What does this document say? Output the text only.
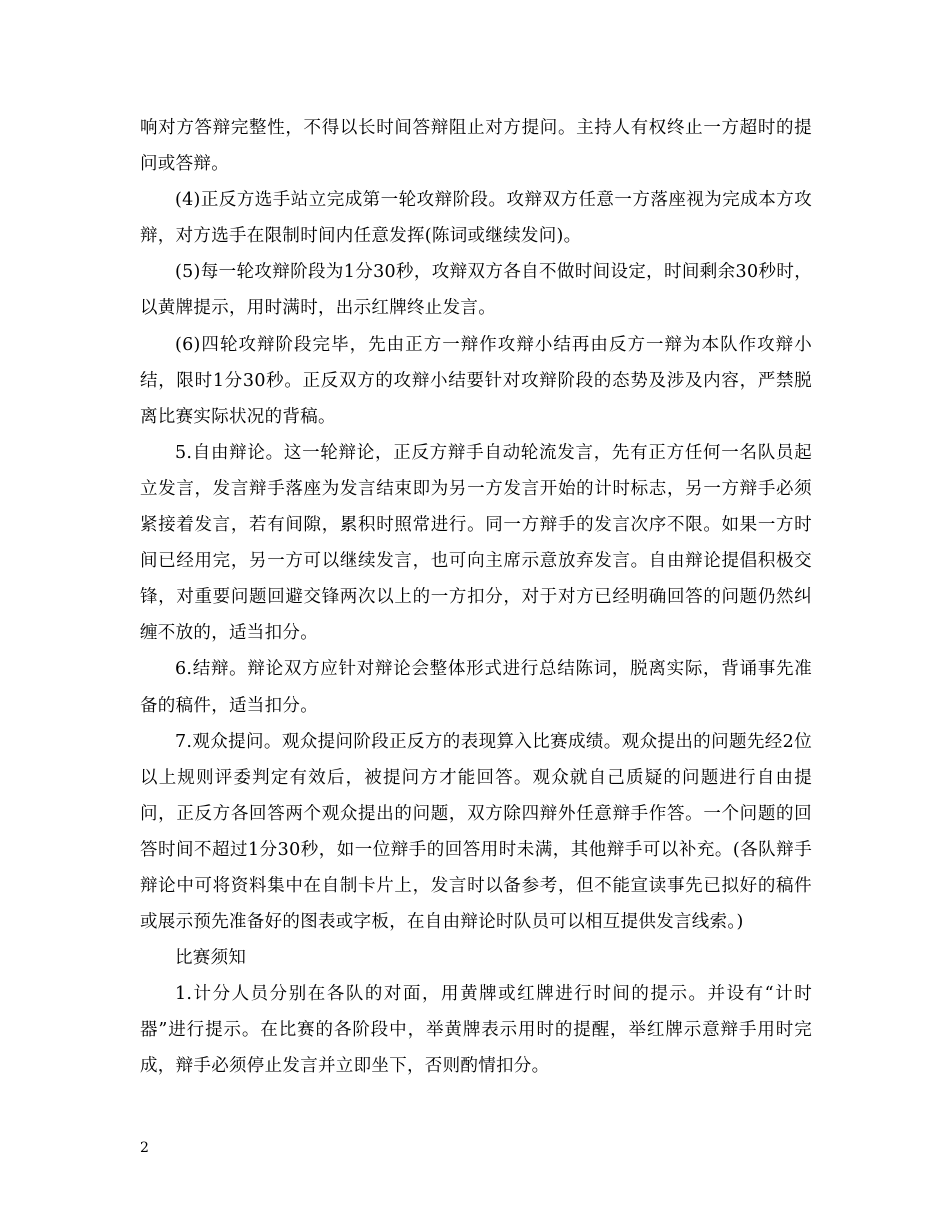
响对方答辩完整性，不得以长时间答辩阻止对方提问。主持人有权终止一方超时的提问或答辩。

(4)正反方选手站立完成第一轮攻辩阶段。攻辩双方任意一方落座视为完成本方攻辩，对方选手在限制时间内任意发挥(陈词或继续发问)。

(5)每一轮攻辩阶段为1分30秒，攻辩双方各自不做时间设定，时间剩余30秒时，以黄牌提示，用时满时，出示红牌终止发言。

(6)四轮攻辩阶段完毕，先由正方一辩作攻辩小结再由反方一辩为本队作攻辩小结，限时1分30秒。正反双方的攻辩小结要针对攻辩阶段的态势及涉及内容，严禁脱离比赛实际状况的背稿。

5.自由辩论。这一轮辩论，正反方辩手自动轮流发言，先有正方任何一名队员起立发言，发言辩手落座为发言结束即为另一方发言开始的计时标志，另一方辩手必须紧接着发言，若有间隙，累积时照常进行。同一方辩手的发言次序不限。如果一方时间已经用完，另一方可以继续发言，也可向主席示意放弃发言。自由辩论提倡积极交锋，对重要问题回避交锋两次以上的一方扣分，对于对方已经明确回答的问题仍然纠缠不放的，适当扣分。

6.结辩。辩论双方应针对辩论会整体形式进行总结陈词，脱离实际，背诵事先准备的稿件，适当扣分。

7.观众提问。观众提问阶段正反方的表现算入比赛成绩。观众提出的问题先经2位以上规则评委判定有效后，被提问方才能回答。观众就自己质疑的问题进行自由提问，正反方各回答两个观众提出的问题，双方除四辩外任意辩手作答。一个问题的回答时间不超过1分30秒，如一位辩手的回答用时未满，其他辩手可以补充。(各队辩手辩论中可将资料集中在自制卡片上，发言时以备参考，但不能宣读事先已拟好的稿件或展示预先准备好的图表或字板，在自由辩论时队员可以相互提供发言线索。)

比赛须知

1.计分人员分别在各队的对面，用黄牌或红牌进行时间的提示。并设有“计时器”进行提示。在比赛的各阶段中，举黄牌表示用时的提醒，举红牌示意辩手用时完成，辩手必须停止发言并立即坐下，否则酌情扣分。

2
